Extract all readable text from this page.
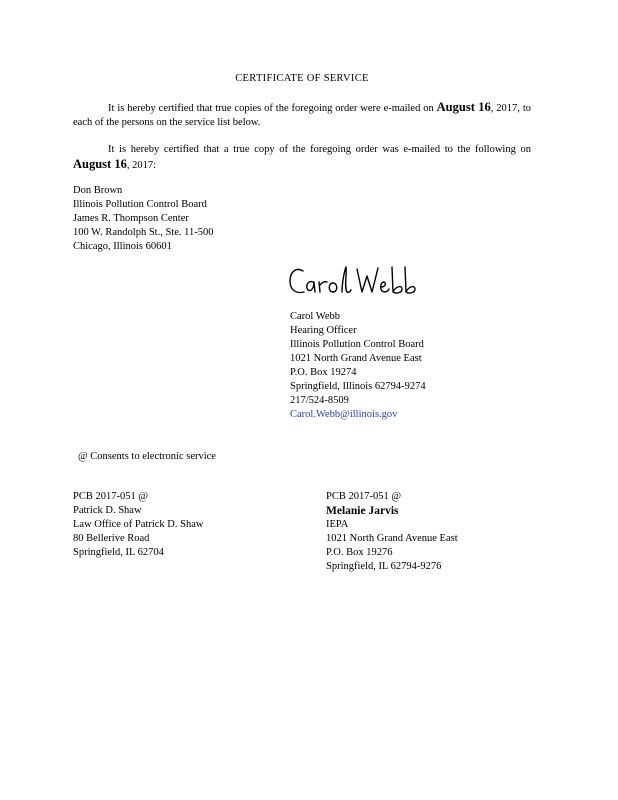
CERTIFICATE OF SERVICE
It is hereby certified that true copies of the foregoing order were e-mailed on August 16, 2017, to each of the persons on the service list below.
It is hereby certified that a true copy of the foregoing order was e-mailed to the following on August 16, 2017:
Don Brown
Illinois Pollution Control Board
James R. Thompson Center
100 W. Randolph St., Ste. 11-500
Chicago, Illinois 60601
Carol Webb
Hearing Officer
Illinois Pollution Control Board
1021 North Grand Avenue East
P.O. Box 19274
Springfield, Illinois 62794-9274
217/524-8509
Carol.Webb@illinois.gov
@ Consents to electronic service
PCB 2017-051 @
Patrick D. Shaw
Law Office of Patrick D. Shaw
80 Bellerive Road
Springfield, IL 62704
PCB 2017-051 @
Melanie Jarvis
IEPA
1021 North Grand Avenue East
P.O. Box 19276
Springfield, IL 62794-9276
